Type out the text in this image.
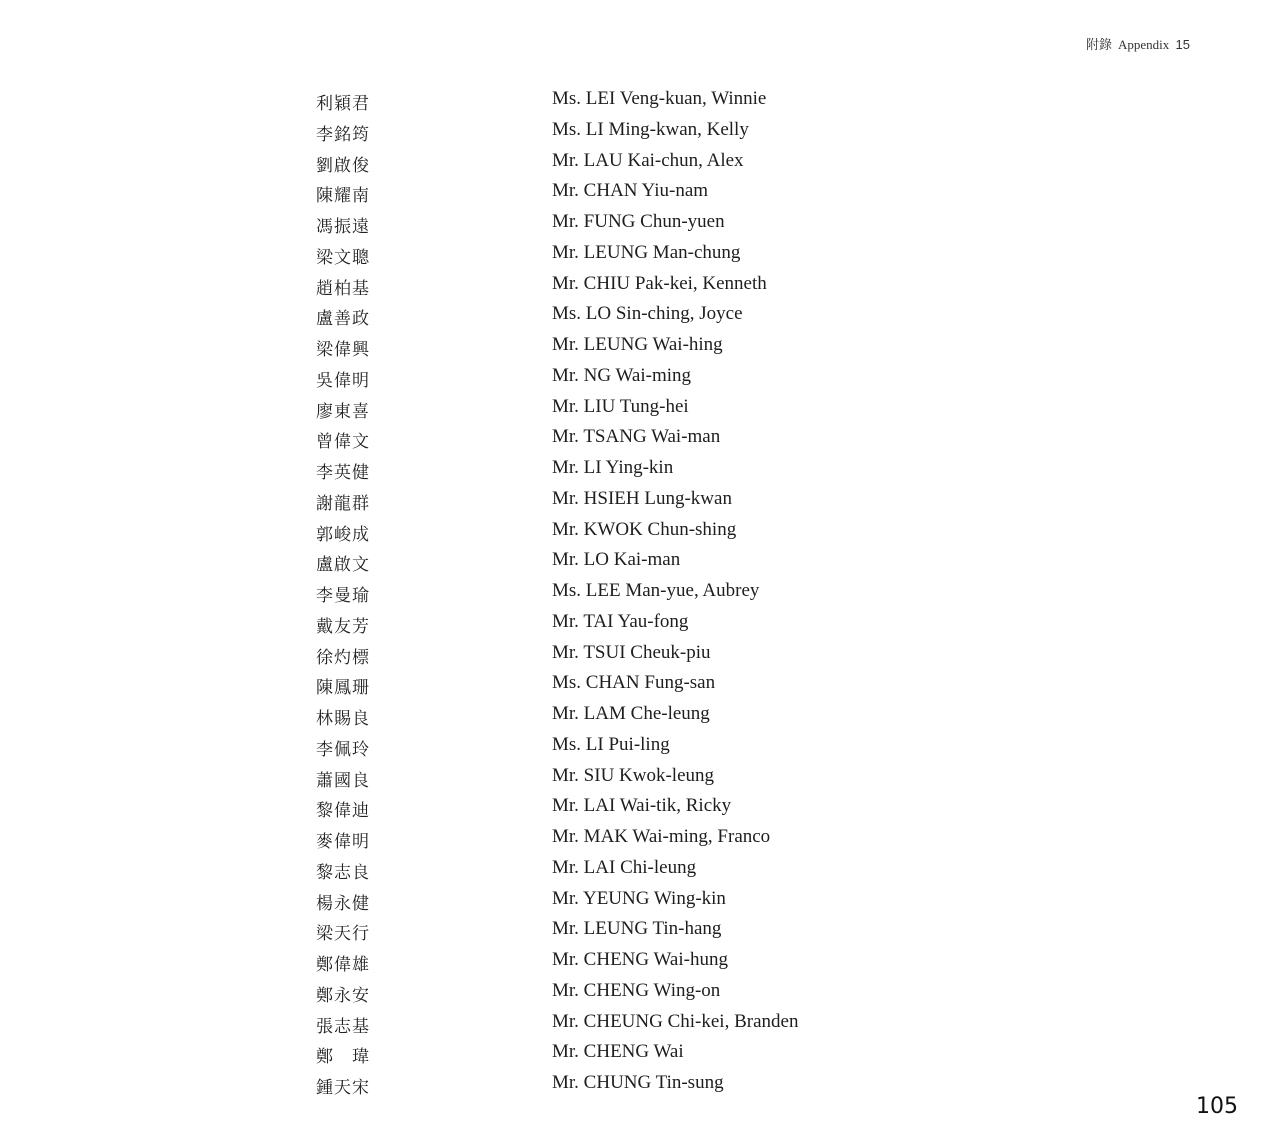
附錄 Appendix 15
利穎君	Ms. LEI Veng-kuan, Winnie
李銘筠	Ms. LI Ming-kwan, Kelly
劉啟俊	Mr. LAU Kai-chun, Alex
陳耀南	Mr. CHAN Yiu-nam
馮振遠	Mr. FUNG Chun-yuen
梁文聰	Mr. LEUNG Man-chung
趙柏基	Mr. CHIU Pak-kei, Kenneth
盧善政	Ms. LO Sin-ching, Joyce
梁偉興	Mr. LEUNG Wai-hing
吳偉明	Mr. NG Wai-ming
廖東喜	Mr. LIU Tung-hei
曾偉文	Mr. TSANG Wai-man
李英健	Mr. LI Ying-kin
謝龍群	Mr. HSIEH Lung-kwan
郭峻成	Mr. KWOK Chun-shing
盧啟文	Mr. LO Kai-man
李曼瑜	Ms. LEE Man-yue, Aubrey
戴友芳	Mr. TAI Yau-fong
徐灼標	Mr. TSUI Cheuk-piu
陳鳳珊	Ms. CHAN Fung-san
林賜良	Mr. LAM Che-leung
李佩玲	Ms. LI Pui-ling
蕭國良	Mr. SIU Kwok-leung
黎偉迪	Mr. LAI Wai-tik, Ricky
麥偉明	Mr. MAK Wai-ming, Franco
黎志良	Mr. LAI Chi-leung
楊永健	Mr. YEUNG Wing-kin
梁天行	Mr. LEUNG Tin-hang
鄭偉雄	Mr. CHENG Wai-hung
鄭永安	Mr. CHENG Wing-on
張志基	Mr. CHEUNG Chi-kei, Branden
鄭　瑋	Mr. CHENG Wai
鍾天宋	Mr. CHUNG Tin-sung
105
